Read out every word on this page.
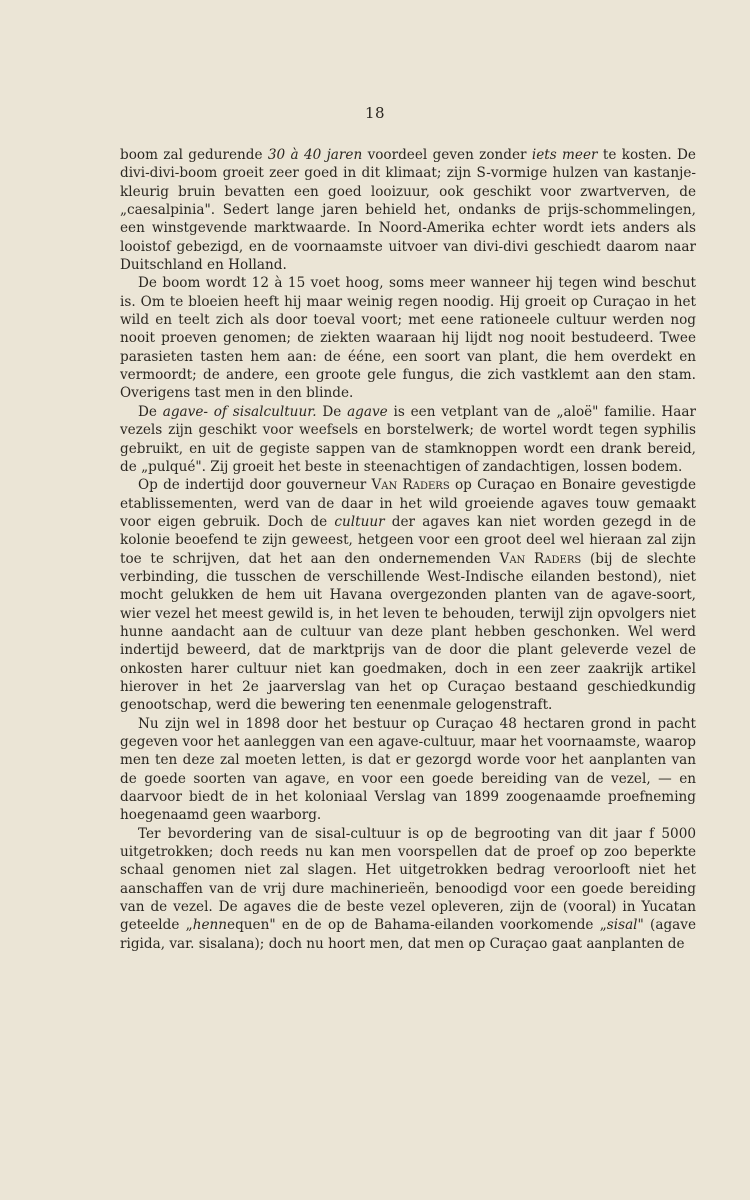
18

boom zal gedurende 30 à 40 jaren voordeel geven zonder iets meer te kosten. De divi-divi-boom groeit zeer goed in dit klimaat; zijn S-vormige hulzen van kastanje-kleurig bruin bevatten een goed looizuur, ook geschikt voor zwartverven, de „caesalpinia". Sedert lange jaren behield het, ondanks de prijs-schommelingen, een winstgevende marktwaarde. In Noord-Amerika echter wordt iets anders als looistof gebezigd, en de voornaamste uitvoer van divi-divi geschiedt daarom naar Duitschland en Holland.

De boom wordt 12 à 15 voet hoog, soms meer wanneer hij tegen wind beschut is. Om te bloeien heeft hij maar weinig regen noodig. Hij groeit op Curaçao in het wild en teelt zich als door toeval voort; met eene rationeele cultuur werden nog nooit proeven genomen; de ziekten waaraan hij lijdt nog nooit bestudeerd. Twee parasieten tasten hem aan: de ééne, een soort van plant, die hem overdekt en vermoordt; de andere, een groote gele fungus, die zich vastklemt aan den stam. Overigens tast men in den blinde.

De agave- of sisalcultuur. De agave is een vetplant van de „aloë" familie. Haar vezels zijn geschikt voor weefsels en borstelwerk; de wortel wordt tegen syphilis gebruikt, en uit de gegiste sappen van de stamknoppen wordt een drank bereid, de „pulqué". Zij groeit het beste in steenachtigen of zandachtigen, lossen bodem.

Op de indertijd door gouverneur Van Raders op Curaçao en Bonaire gevestigde etablissementen, werd van de daar in het wild groeiende agaves touw gemaakt voor eigen gebruik. Doch de cultuur der agaves kan niet worden gezegd in de kolonie beoefend te zijn geweest, hetgeen voor een groot deel wel hieraan zal zijn toe te schrijven, dat het aan den ondernemenden Van Raders (bij de slechte verbinding, die tusschen de verschillende West-Indische eilanden bestond), niet mocht gelukken de hem uit Havana overgezonden planten van de agave-soort, wier vezel het meest gewild is, in het leven te behouden, terwijl zijn opvolgers niet hunne aandacht aan de cultuur van deze plant hebben geschonken. Wel werd indertijd beweerd, dat de marktprijs van de door die plant geleverde vezel de onkosten harer cultuur niet kan goedmaken, doch in een zeer zaakrijk artikel hierover in het 2e jaarverslag van het op Curaçao bestaand geschiedkundig genootschap, werd die bewering ten eenenmale gelogenstraft.

Nu zijn wel in 1898 door het bestuur op Curaçao 48 hectaren grond in pacht gegeven voor het aanleggen van een agave-cultuur, maar het voornaamste, waarop men ten deze zal moeten letten, is dat er gezorgd worde voor het aanplanten van de goede soorten van agave, en voor een goede bereiding van de vezel, — en daarvoor biedt de in het koloniaal Verslag van 1899 zoogenaamde proefneming hoegenaamd geen waarborg.

Ter bevordering van de sisal-cultuur is op de begrooting van dit jaar f 5000 uitgetrokken; doch reeds nu kan men voorspellen dat de proef op zoo beperkte schaal genomen niet zal slagen. Het uitgetrokken bedrag veroorlooft niet het aanschaffen van de vrij dure machinerieën, benoodigd voor een goede bereiding van de vezel. De agaves die de beste vezel opleveren, zijn de (vooral) in Yucatan geteelde „hennequen" en de op de Bahama-eilanden voorkomende „sisal" (agave rigida, var. sisalana); doch nu hoort men, dat men op Curaçao gaat aanplanten de
